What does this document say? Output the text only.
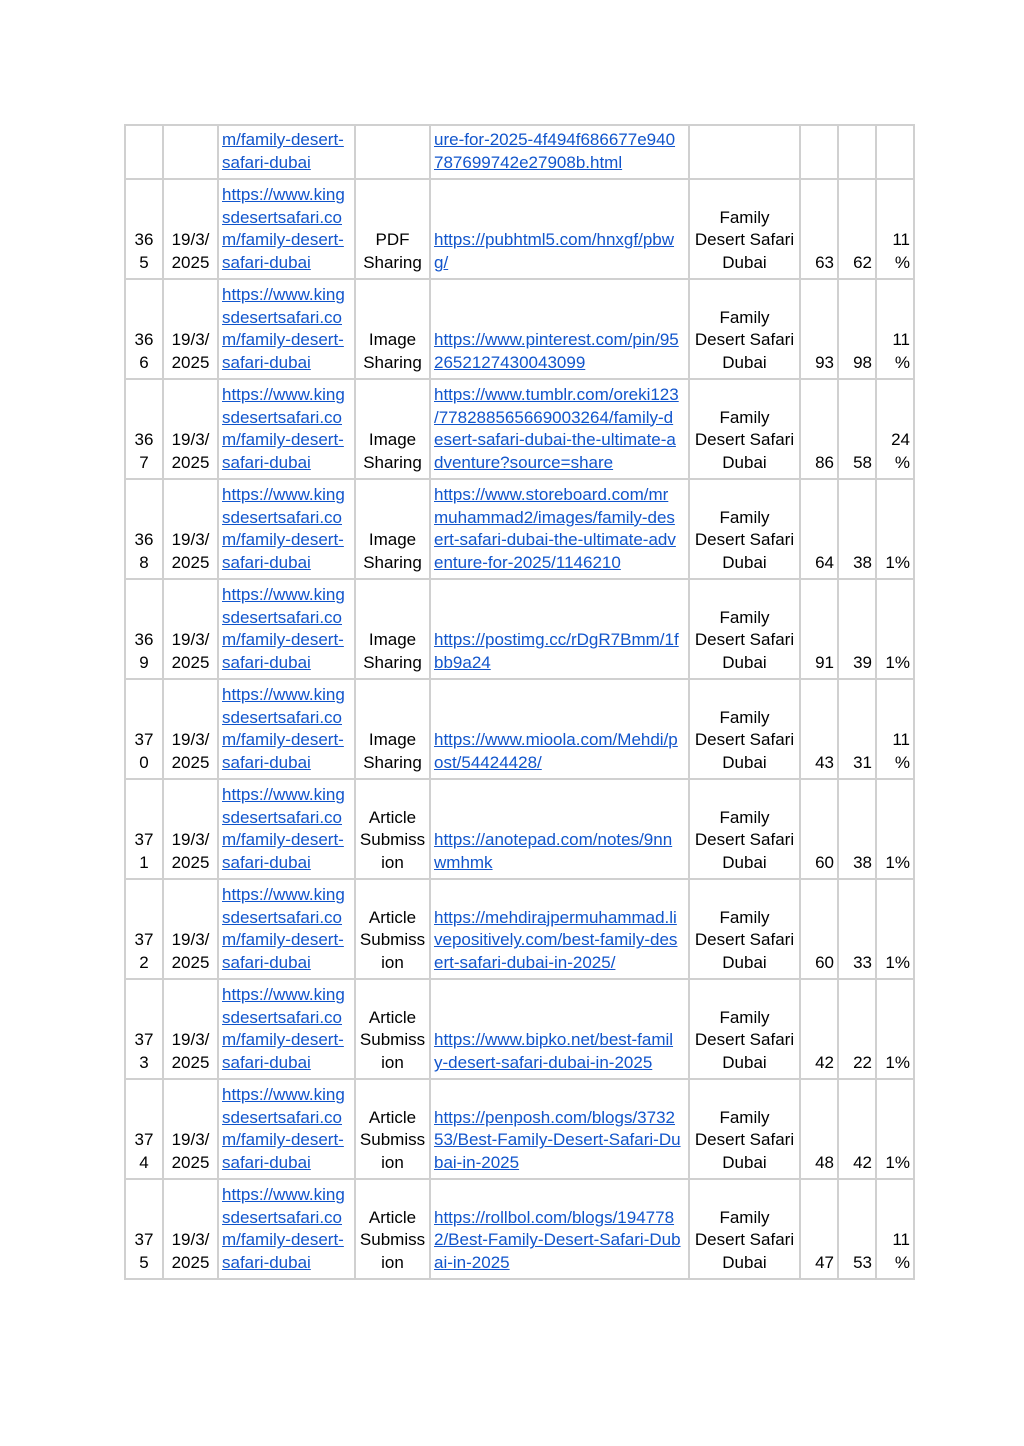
		m/family-desert-
safari-dubai		ure-for-2025-4f494f686677e940
787699742e27908b.html				
36
5	19/3/
2025	https://www.king
sdesertsafari.co
m/family-desert-
safari-dubai	PDF
Sharing	https://pubhtml5.com/hnxgf/pbw
g/	Family
Desert Safari
Dubai	63	62	11
%
36
6	19/3/
2025	https://www.king
sdesertsafari.co
m/family-desert-
safari-dubai	Image
Sharing	https://www.pinterest.com/pin/95
2652127430043099	Family
Desert Safari
Dubai	93	98	11
%
36
7	19/3/
2025	https://www.king
sdesertsafari.co
m/family-desert-
safari-dubai	Image
Sharing	https://www.tumblr.com/oreki123
/778288565669003264/family-d
esert-safari-dubai-the-ultimate-a
dventure?source=share	Family
Desert Safari
Dubai	86	58	24
%
36
8	19/3/
2025	https://www.king
sdesertsafari.co
m/family-desert-
safari-dubai	Image
Sharing	https://www.storeboard.com/mr
muhammad2/images/family-des
ert-safari-dubai-the-ultimate-adv
enture-for-2025/1146210	Family
Desert Safari
Dubai	64	38	1%
36
9	19/3/
2025	https://www.king
sdesertsafari.co
m/family-desert-
safari-dubai	Image
Sharing	https://postimg.cc/rDgR7Bmm/1f
bb9a24	Family
Desert Safari
Dubai	91	39	1%
37
0	19/3/
2025	https://www.king
sdesertsafari.co
m/family-desert-
safari-dubai	Image
Sharing	https://www.mioola.com/Mehdi/p
ost/54424428/	Family
Desert Safari
Dubai	43	31	11
%
37
1	19/3/
2025	https://www.king
sdesertsafari.co
m/family-desert-
safari-dubai	Article
Submiss
ion	https://anotepad.com/notes/9nn
wmhmk	Family
Desert Safari
Dubai	60	38	1%
37
2	19/3/
2025	https://www.king
sdesertsafari.co
m/family-desert-
safari-dubai	Article
Submiss
ion	https://mehdirajpermuhammad.li
vepositively.com/best-family-des
ert-safari-dubai-in-2025/	Family
Desert Safari
Dubai	60	33	1%
37
3	19/3/
2025	https://www.king
sdesertsafari.co
m/family-desert-
safari-dubai	Article
Submiss
ion	https://www.bipko.net/best-famil
y-desert-safari-dubai-in-2025	Family
Desert Safari
Dubai	42	22	1%
37
4	19/3/
2025	https://www.king
sdesertsafari.co
m/family-desert-
safari-dubai	Article
Submiss
ion	https://penposh.com/blogs/3732
53/Best-Family-Desert-Safari-Du
bai-in-2025	Family
Desert Safari
Dubai	48	42	1%
37
5	19/3/
2025	https://www.king
sdesertsafari.co
m/family-desert-
safari-dubai	Article
Submiss
ion	https://rollbol.com/blogs/194778
2/Best-Family-Desert-Safari-Dub
ai-in-2025	Family
Desert Safari
Dubai	47	53	11
%
